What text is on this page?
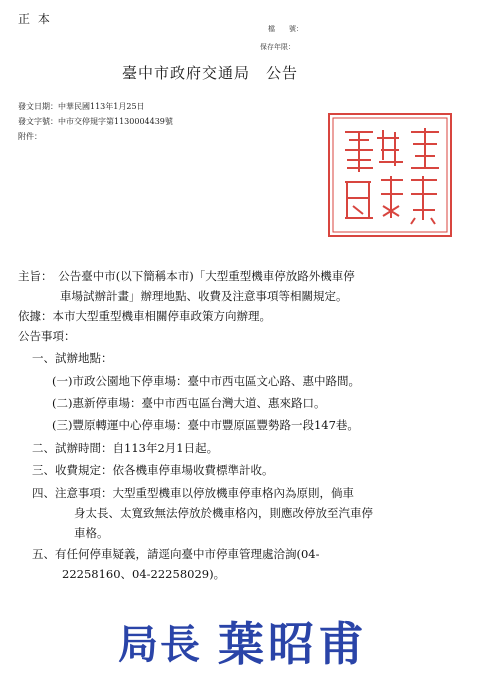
正 本
檔　　號：
保存年限：
臺中市政府交通局　公告
發文日期：中華民國113年1月25日
發文字號：中市交停規字第1130004439號
附件：
主旨：　公告臺中市(以下簡稱本市)「大型重型機車停放路外機車停
車場試辦計畫」辦理地點、收費及注意事項等相關規定。
依據：本市大型重型機車相關停車政策方向辦理。
公告事項：
一、試辦地點：
(一)市政公園地下停車場：臺中市西屯區文心路、惠中路間。
(二)惠新停車場：臺中市西屯區台灣大道、惠來路口。
(三)豐原轉運中心停車場：臺中市豐原區豐勢路一段147巷。
二、試辦時間：自113年2月1日起。
三、收費規定：依各機車停車場收費標準計收。
四、注意事項：大型重型機車以停放機車停車格內為原則，倘車
身太長、太寬致無法停放於機車格內，則應改停放至汽車停
車格。
五、有任何停車疑義，請逕向臺中市停車管理處洽詢(04-
22258160、04-22258029)。
局長 葉昭甫
